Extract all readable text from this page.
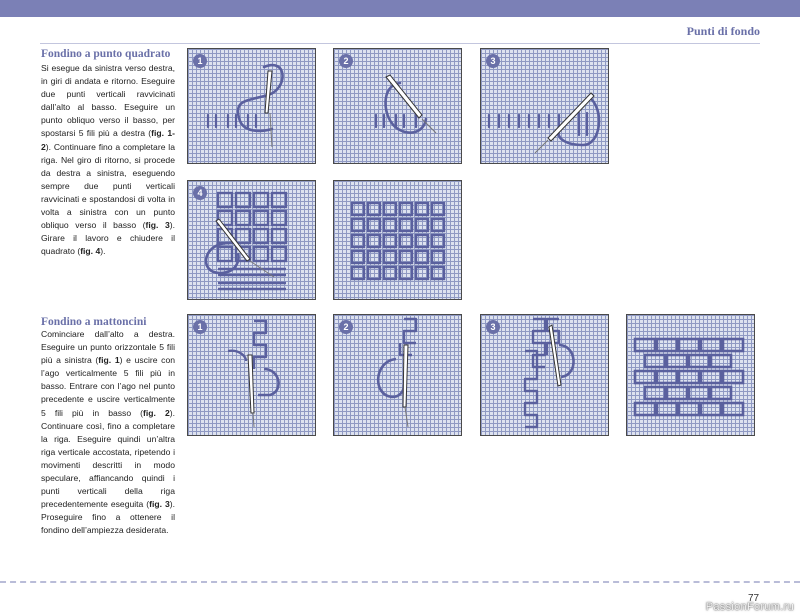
Punti di fondo
Fondino a punto quadrato

Si esegue da sinistra verso destra, in giri di andata e ritorno. Eseguire due punti verticali ravvicinati dall’alto al basso. Eseguire un punto obliquo verso il basso, per spostarsi 5 fili più a destra (fig. 1-2). Continuare fino a completare la riga. Nel giro di ritorno, si procede da destra a sinistra, eseguendo sempre due punti verticali ravvicinati e spostandosi di volta in volta a sinistra con un punto obliquo verso il basso (fig. 3). Girare il lavoro e chiudere il quadrato (fig. 4).

1	2	3
4
Fondino a mattoncini

Cominciare dall’alto a destra. Eseguire un punto orizzontale 5 fili più a sinistra (fig. 1) e uscire con l’ago verticalmente 5 fili più in basso. Entrare con l’ago nel punto precedente e uscire verticalmente 5 fili più in basso (fig. 2). Continuare così, fino a completare la riga. Eseguire quindi un’altra riga verticale accostata, ripetendo i movimenti descritti in modo speculare, affiancando quindi i punti verticali della riga precedentemente eseguita (fig. 3). Proseguire fino a ottenere il fondino dell’ampiezza desiderata.

1	2	3
77
PassionForum.ru
